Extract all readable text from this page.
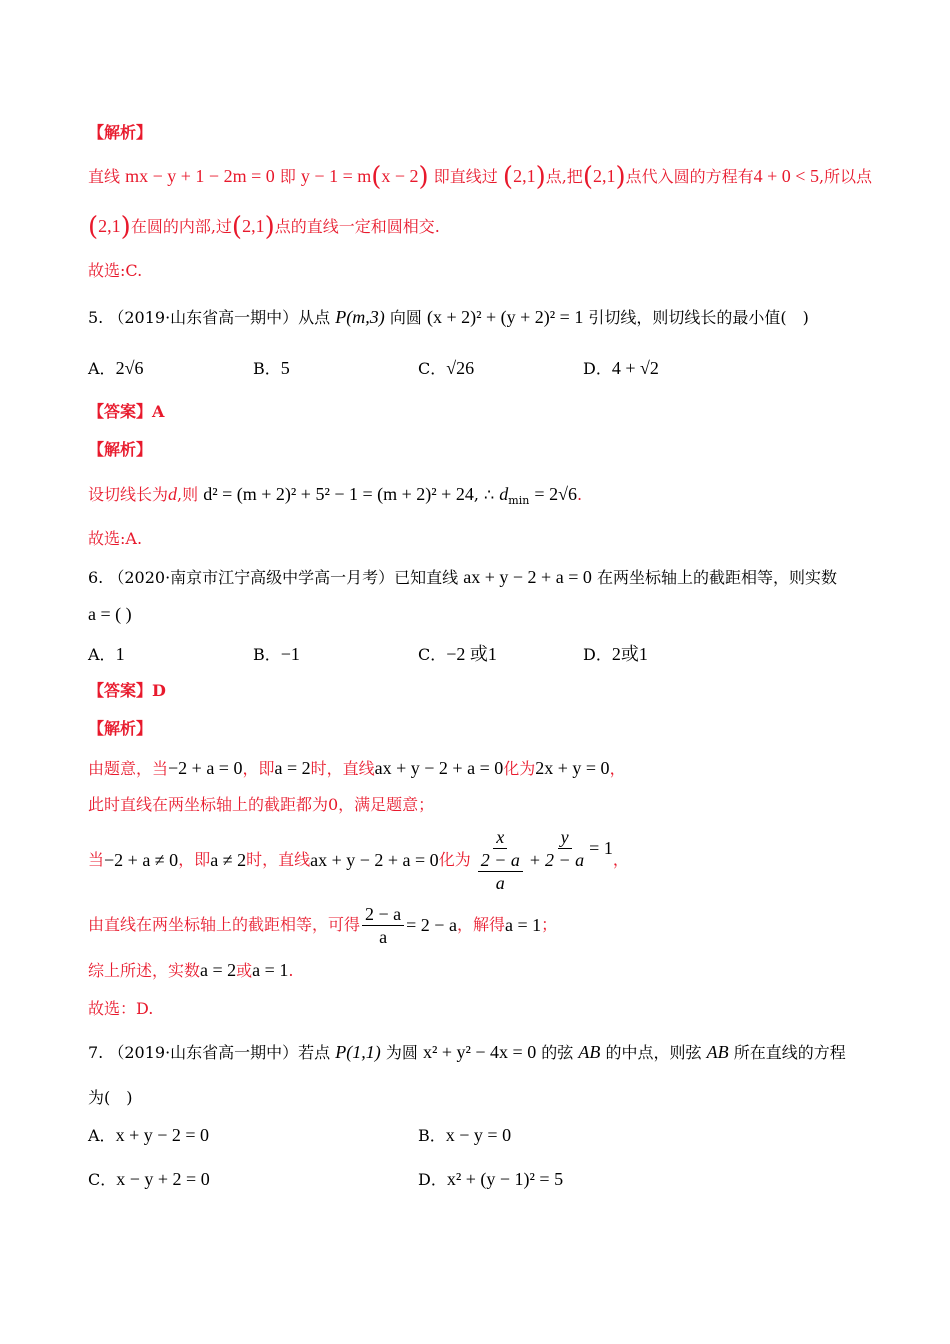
【解析】
直线 mx − y + 1 − 2m = 0 即 y − 1 = m(x − 2) 即直线过 (2,1)点,把(2,1)点代入圆的方程有4 + 0 < 5,所以点
(2,1)在圆的内部,过(2,1)点的直线一定和圆相交.
故选:C.
5. （2019·山东省高一期中）从点 P(m,3) 向圆 (x + 2)² + (y + 2)² = 1 引切线，则切线长的最小值(　)
A．2√6	B．5	C．√26	D．4 + √2
【答案】A
【解析】
设切线长为d,则 d² = (m + 2)² + 5² − 1 = (m + 2)² + 24, ∴ $d_{min} = 2√6$.
故选:A.
6. （2020·南京市江宁高级中学高一月考）已知直线 ax + y − 2 + a = 0 在两坐标轴上的截距相等，则实数
a = ( )
A．1	B．−1	C．−2 或1	D．2或1
【答案】D
【解析】
由题意，当−2 + a = 0，即a = 2时，直线ax + y − 2 + a = 0化为2x + y = 0，
此时直线在两坐标轴上的截距都为0，满足题意；
当 −2 + a ≠ 0 ，即 a ≠ 2 时，直线 ax + y − 2 + a = 0 化为 $\frac{x}{\frac{2 - a}{a}} + \frac{y}{2 - a} = 1$
，
由直线在两坐标轴上的截距相等，可得 $\frac{2 - a}{a} = 2 - a$ ，解得 a = 1 ；
综上所述，实数a = 2或a = 1.
故选：D.
7. （2019·山东省高一期中）若点 P(1,1) 为圆 x² + y² − 4x = 0 的弦 AB 的中点，则弦 AB 所在直线的方程
为(　)
A．x + y − 2 = 0	B．x − y = 0
C．x − y + 2 = 0	D．x² + (y − 1)² = 5
